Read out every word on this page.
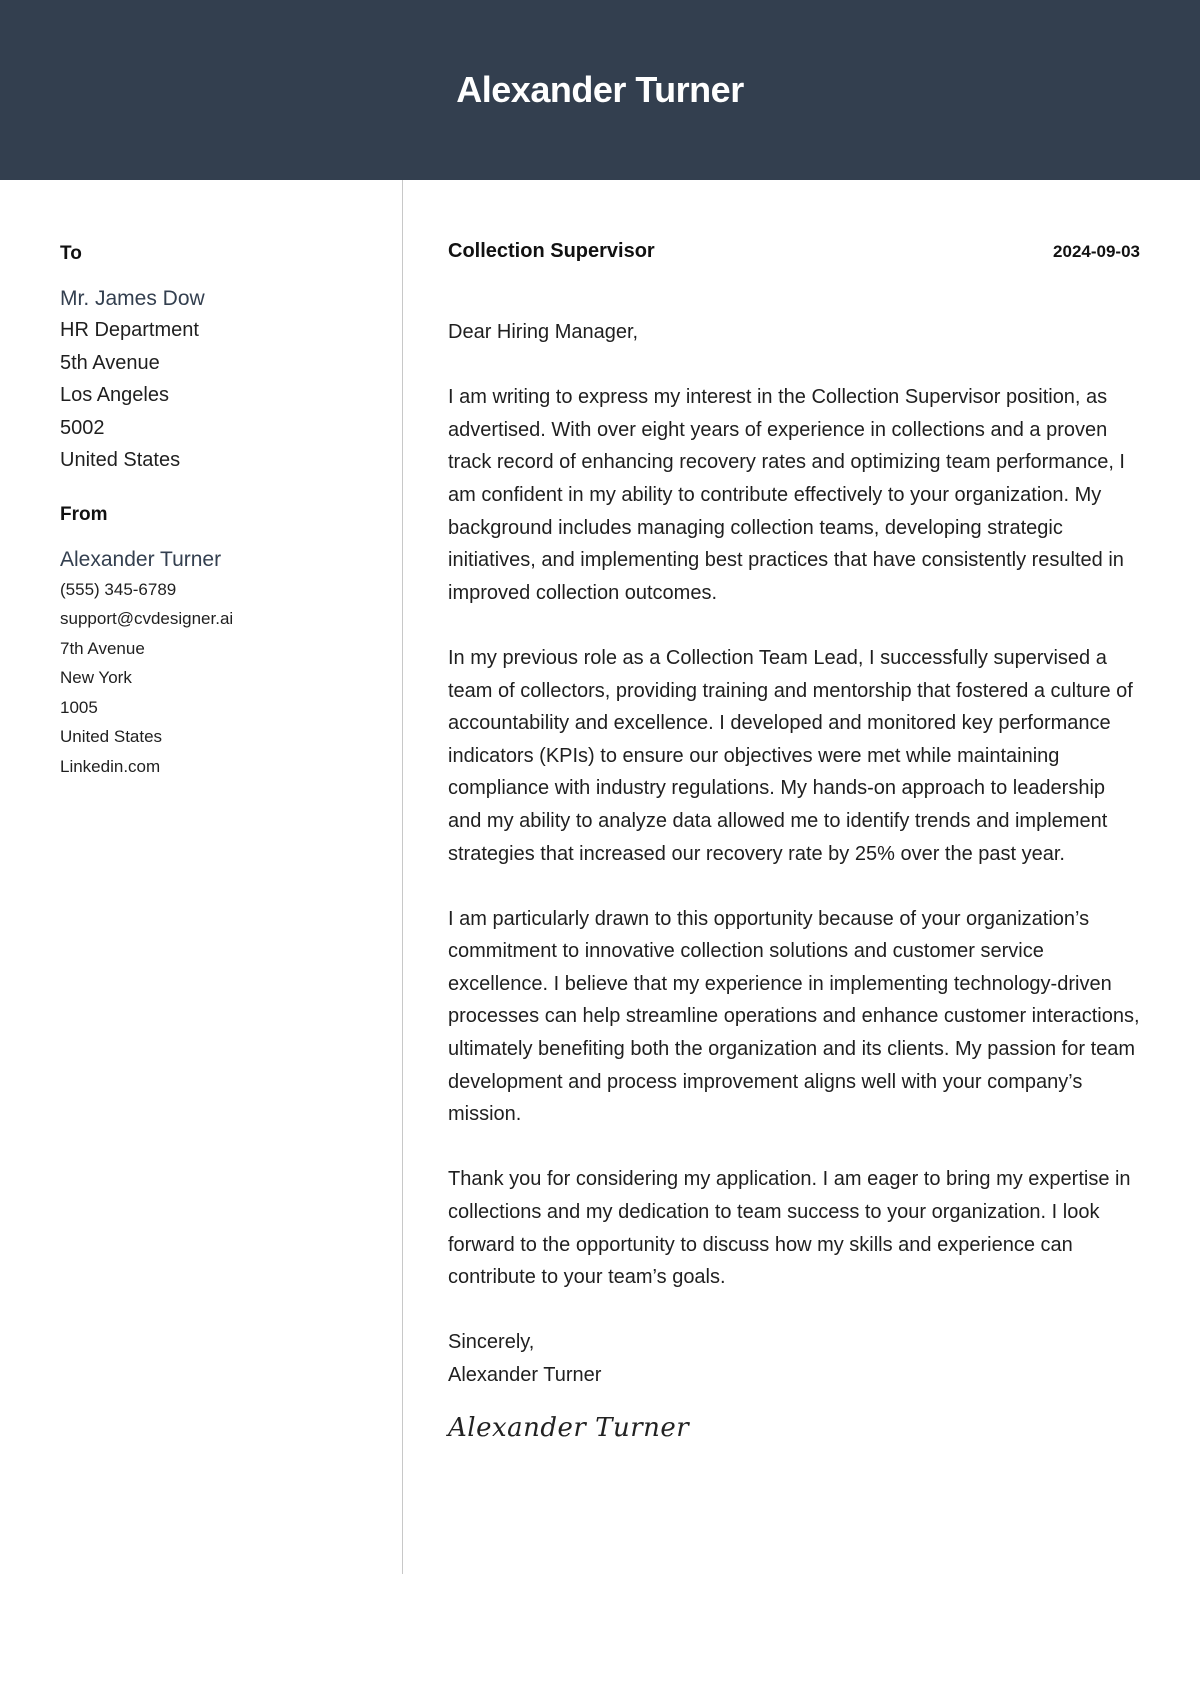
Alexander Turner
To
Mr. James Dow
HR Department
5th Avenue
Los Angeles
5002
United States
From
Alexander Turner
(555) 345-6789
support@cvdesigner.ai
7th Avenue
New York
1005
United States
Linkedin.com
Collection Supervisor	2024-09-03

Dear Hiring Manager,

I am writing to express my interest in the Collection Supervisor position, as advertised. With over eight years of experience in collections and a proven track record of enhancing recovery rates and optimizing team performance, I am confident in my ability to contribute effectively to your organization. My background includes managing collection teams, developing strategic initiatives, and implementing best practices that have consistently resulted in improved collection outcomes.

In my previous role as a Collection Team Lead, I successfully supervised a team of collectors, providing training and mentorship that fostered a culture of accountability and excellence. I developed and monitored key performance indicators (KPIs) to ensure our objectives were met while maintaining compliance with industry regulations. My hands-on approach to leadership and my ability to analyze data allowed me to identify trends and implement strategies that increased our recovery rate by 25% over the past year.

I am particularly drawn to this opportunity because of your organization’s commitment to innovative collection solutions and customer service excellence. I believe that my experience in implementing technology-driven processes can help streamline operations and enhance customer interactions, ultimately benefiting both the organization and its clients. My passion for team development and process improvement aligns well with your company’s mission.

Thank you for considering my application. I am eager to bring my expertise in collections and my dedication to team success to your organization. I look forward to the opportunity to discuss how my skills and experience can contribute to your team’s goals.

Sincerely,
Alexander Turner
Alexander Turner
